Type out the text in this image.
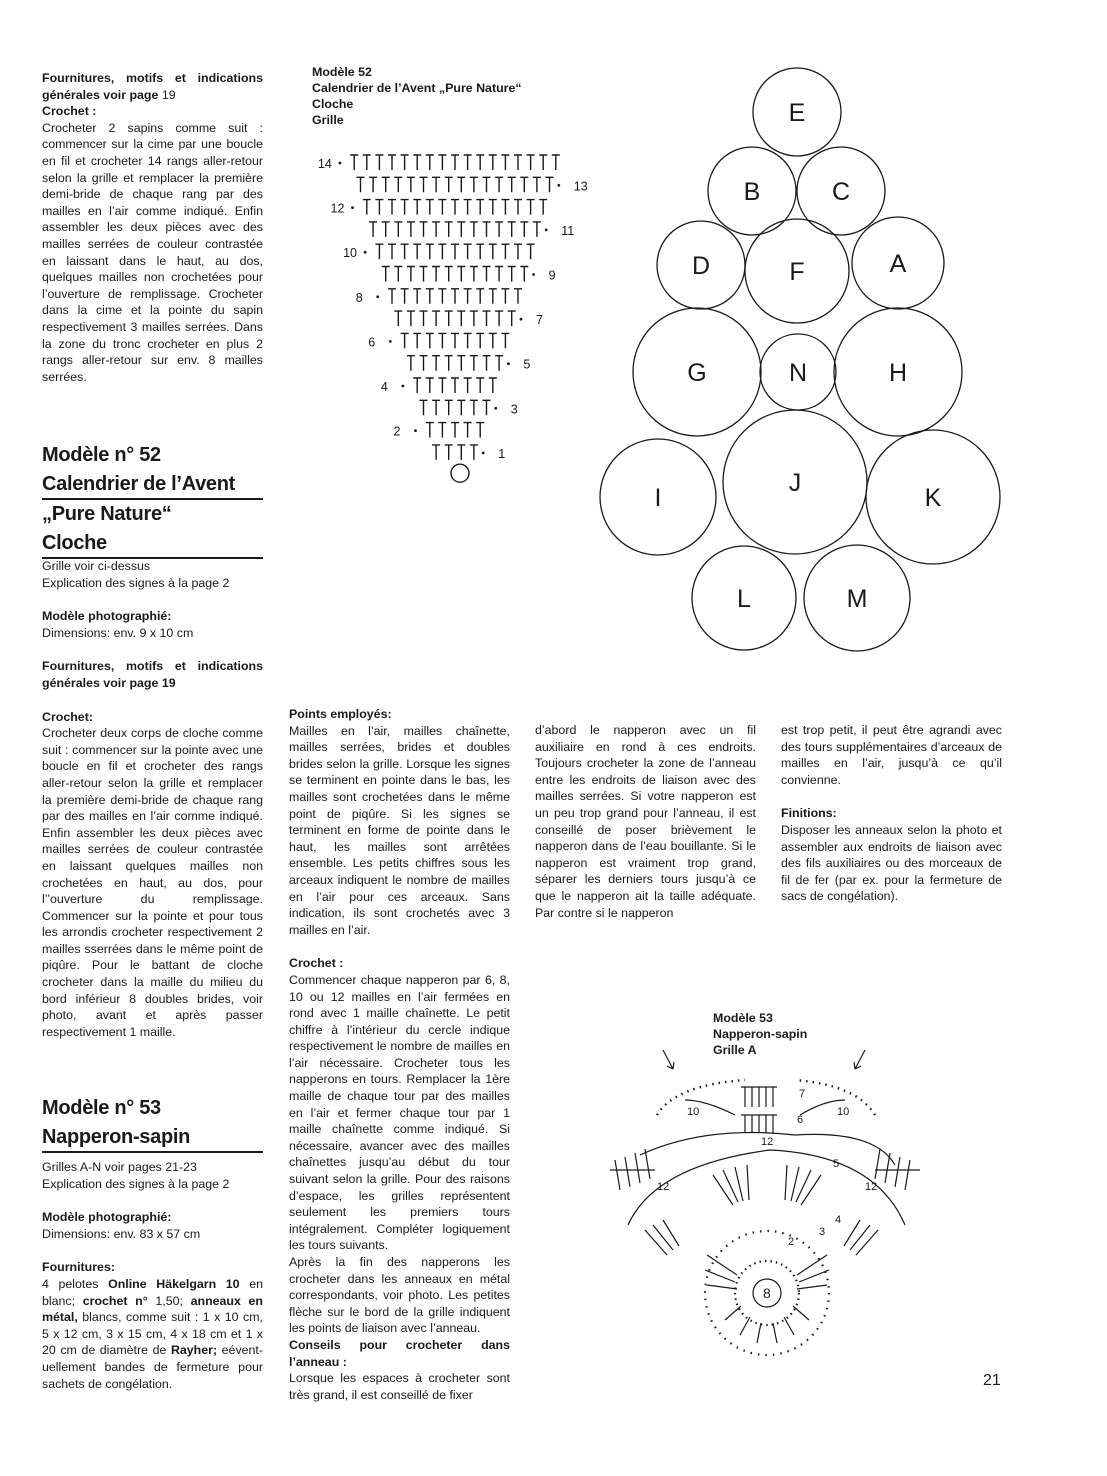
Fournitures, motifs et indications générales voir page 19

Crochet :

Crocheter 2 sapins comme suit : commencer sur la cime par une boucle en fil et crocheter 14 rangs aller-retour selon la grille et remplacer la première demi-bride de chaque rang par des mailles en l’air comme indiqué. Enfin assembler les deux pièces avec des mailles serrées de couleur contrastée en laissant dans le haut, au dos, quelques mailles non crochetées pour l’ouverture de remplissage. Crocheter dans la cime et la pointe du sapin respectivement 3 mailles serrées. Dans la zone du tronc crocheter en plus 2 rangs aller-retour sur env. 8 mailles serrées.

Modèle n° 52
Calendrier de l’Avent
„Pure Nature“
Cloche

Grille voir ci-dessus

Explication des signes à la page 2

Modèle photographié:

Dimensions: env. 9 x 10 cm

Fournitures, motifs et indications générales voir page 19

Crochet:

Crocheter deux corps de cloche comme suit : commencer sur la pointe avec une boucle en fil et crocheter des rangs aller-retour selon la grille et remplacer la première demi-bride de chaque rang par des mailles en l’air comme indiqué. Enfin assembler les deux pièces avec mailles serrées de couleur contrastée en laissant quelques mailles non crochetées en haut, au dos, pour l’’ouverture du remplissage. Commencer sur la pointe et pour tous les arrondis crocheter respectivement 2 mailles sserrées dans le même point de piqûre. Pour le battant de cloche crocheter dans la maille du milieu du bord inférieur 8 doubles brides, voir photo, avant et après passer respectivement 1 maille.

Modèle n° 53
Napperon-sapin

Grilles A-N voir pages 21-23

Explication des signes à la page 2

Modèle photographié:

Dimensions: env. 83 x 57 cm

Fournitures:

4 pelotes Online Häkelgarn 10 en blanc; crochet n° 1,50; anneaux en métal, blancs, comme suit : 1 x 10 cm, 5 x 12 cm, 3 x 15 cm, 4 x 18 cm et 1 x 20 cm de diamètre de Rayher; eéventuellement bandes de fermeture pour sachets de congélation.

Points employés:

Mailles en l’air, mailles chaînette, mailles serrées, brides et doubles brides selon la grille. Lorsque les signes se terminent en pointe dans le bas, les mailles sont crochetées dans le même point de piqûre. Si les signes se terminent en forme de pointe dans le haut, les mailles sont arrêtées ensemble. Les petits chiffres sous les arceaux indiquent le nombre de mailles en l’air pour ces arceaux. Sans indication, ils sont crochetés avec 3 mailles en l’air.

Crochet :

Commencer chaque napperon par 6, 8, 10 ou 12 mailles en l’air fermées en rond avec 1 maille chaînette. Le petit chiffre à l’intérieur du cercle indique respectivement le nombre de mailles en l’air nécessaire. Crocheter tous les napperons en tours. Remplacer la 1ère maille de chaque tour par des mailles en l’air et fermer chaque tour par 1 maille chaînette comme indiqué. Si nécessaire, avancer avec des mailles chaînettes jusqu’au début du tour suivant selon la grille. Pour des raisons d’espace, les grilles représentent seulement les premiers tours intégralement. Compléter logiquement les tours suivants.

Après la fin des napperons les crocheter dans les anneaux en métal correspondants, voir photo. Les petites flèche sur le bord de la grille indiquent les points de liaison avec l’anneau.

Conseils pour crocheter dans l’anneau :

Lorsque les espaces à crocheter sont très grand, il est conseillé de fixer

d’abord le napperon avec un fil auxiliaire en rond à ces endroits. Toujours crocheter la zone de l’anneau entre les endroits de liaison avec des mailles serrées. Si votre napperon est un peu trop grand pour l’anneau, il est conseillé de poser brièvement le napperon dans de l’eau bouillante. Si le napperon est vraiment trop grand, séparer les derniers tours jusqu’à ce que le napperon ait la taille adéquate. Par contre si le napperon

est trop petit, il peut être agrandi avec des tours supplémentaires d’arceaux de mailles en l’air, jusqu’à ce qu’il convienne.

Finitions:

Disposer les anneaux selon la photo et assembler aux endroits de liaison avec des fils auxiliaires ou des morceaux de fil de fer (par ex. pour la fermeture de sacs de congélation).

Modèle 52
Calendrier de l’Avent „Pure Nature“
Cloche
Grille
14
13
12
11
10
9
8
7
6
5
4
3
2
1
E
B	C
D	F	A
G	N	H
I
J
K
L	M
Modèle 53
Napperon-sapin
Grille A
7
6
10	10
12
12	12
5
4
3
2
8
21
